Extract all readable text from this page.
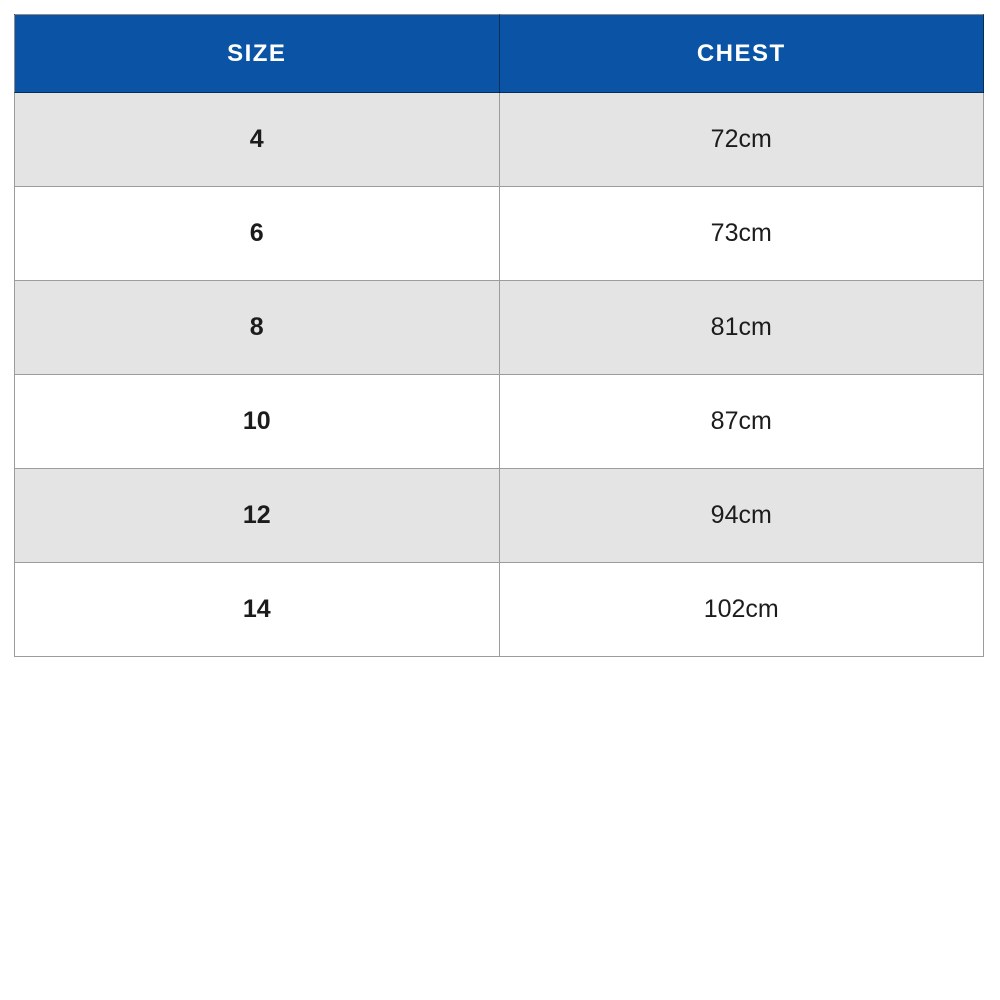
SIZE	CHEST
4	72cm
6	73cm
8	81cm
10	87cm
12	94cm
14	102cm
